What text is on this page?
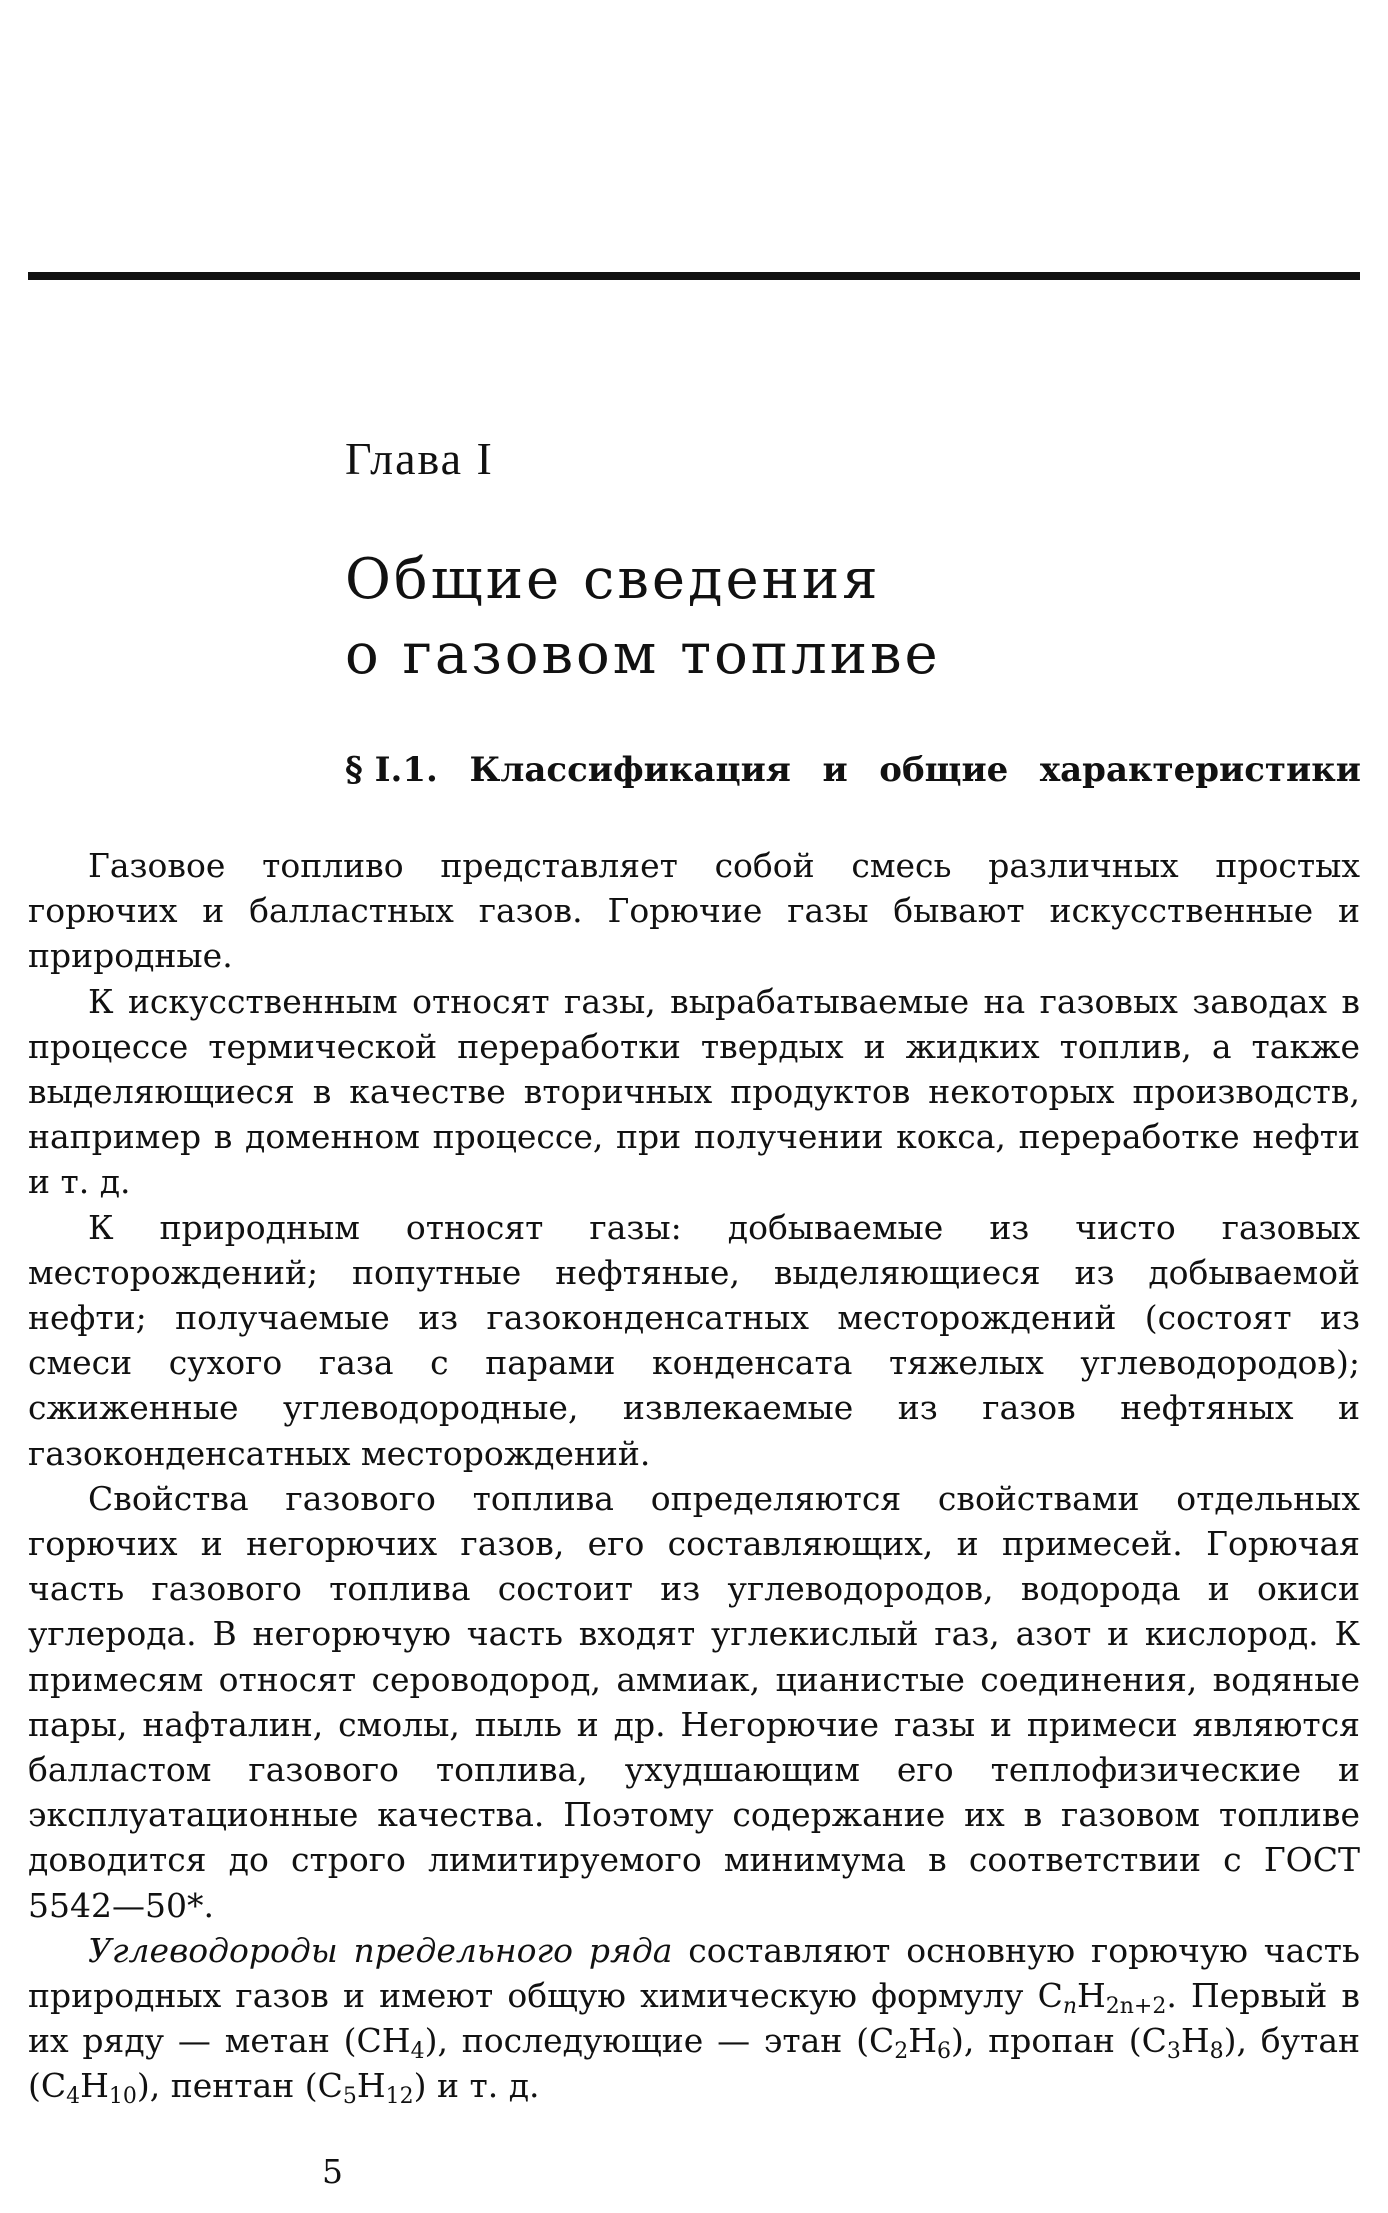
Глава I
Общие сведения
о газовом топливе
§ I.1. Классификация и общие характеристики

Газовое топливо представляет собой смесь различных простых горючих и балластных газов. Горючие газы бывают искусственные и природные.

К искусственным относят газы, вырабатываемые на газовых заводах в процессе термической переработки твердых и жидких топлив, а также выделяющиеся в качестве вторичных продуктов некоторых производств, например в доменном процессе, при получении кокса, переработке нефти и т. д.

К природным относят газы: добываемые из чисто газовых месторождений; попутные нефтяные, выделяющиеся из добываемой нефти; получаемые из газоконденсатных месторождений (состоят из смеси сухого газа с парами конденсата тяжелых углеводородов); сжиженные углеводородные, извлекаемые из газов нефтяных и газоконденсатных месторождений.

Свойства газового топлива определяются свойствами отдельных горючих и негорючих газов, его составляющих, и примесей. Горючая часть газового топлива состоит из углеводородов, водорода и окиси углерода. В негорючую часть входят углекислый газ, азот и кислород. К примесям относят сероводород, аммиак, цианистые соединения, водяные пары, нафталин, смолы, пыль и др. Негорючие газы и примеси являются балластом газового топлива, ухудшающим его теплофизические и эксплуатационные качества. Поэтому содержание их в газовом топливе доводится до строго лимитируемого минимума в соответствии с ГОСТ 5542—50*.

Углеводороды предельного ряда составляют основную горючую часть природных газов и имеют общую химическую формулу $C_nH_{2n+2}$. Первый в их ряду — метан $(CH_4)$, последующие — этан $(C_2H_6)$, пропан $(C_3H_8)$, бутан $(C_4H_{10})$, пентан $(C_5H_{12})$ и т. д.

5
